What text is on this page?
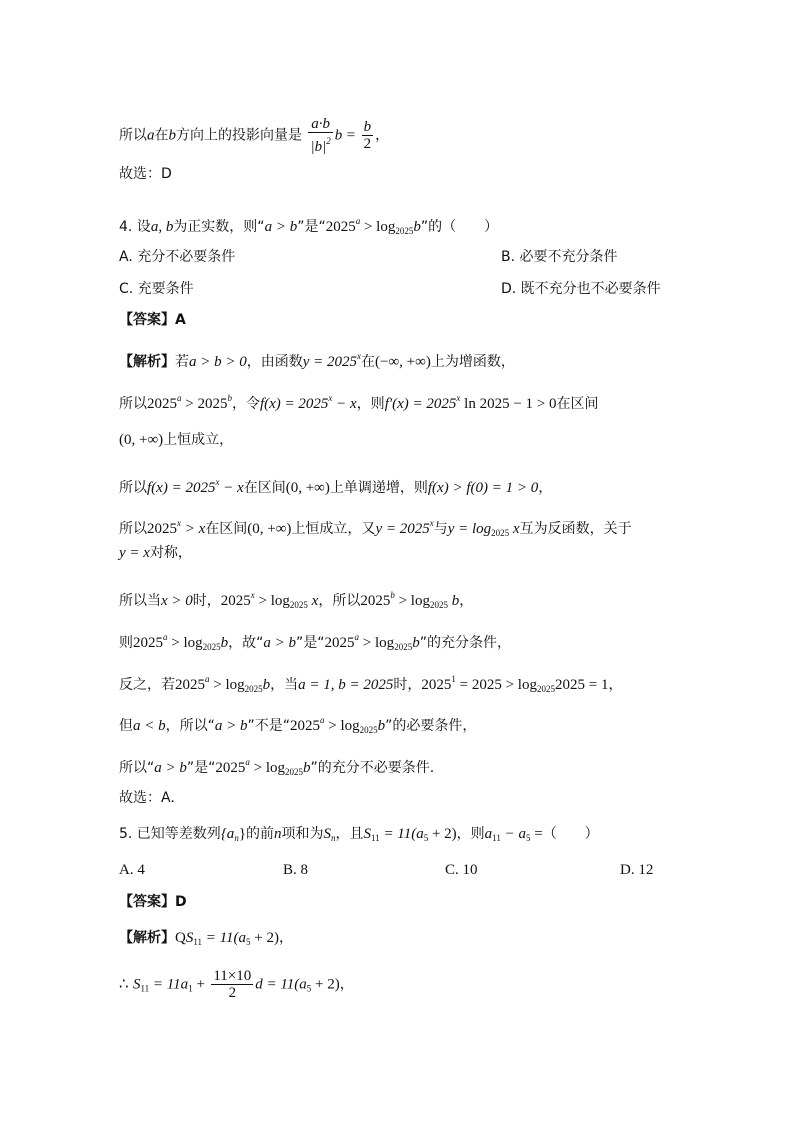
所以a在b方向上的投影向量是 $\frac{a\cdot b}{|b|^2}$ $b = \frac{b}{2}$ ，
故选：D
4. 设a, b为正实数，则“a > b”是“$2025^a > \log_{2025}b$”的（　　）
A. 充分不必要条件	B. 必要不充分条件
C. 充要条件	D. 既不充分也不必要条件
【答案】A
【解析】若a > b > 0，由函数$y = 2025^x$在(−∞, +∞)上为增函数，
所以$2025^a > 2025^b$，令$f(x) = 2025^x - x$，则$f'(x) = 2025^x$ ln 2025 − 1 > 0在区间
(0, +∞)上恒成立，
所以$f(x) = 2025^x - x$在区间(0, +∞)上单调递增，则f(x) > f(0) = 1 > 0，
所以$2025^x > x$在区间(0, +∞)上恒成立，又$y = 2025^x$与$y = \log_{2025} x$互为反函数，关于
y = x对称，
所以当x > 0时，$2025^x > \log_{2025} x$，所以$2025^b > \log_{2025} b$，
则$2025^a > \log_{2025}b$，故“a > b”是“$2025^a > \log_{2025}b$”的充分条件，
反之，若$2025^a > \log_{2025}b$，当a = 1, b = 2025时，$2025^1 = 2025 > \log_{2025}2025 = 1$，
但a < b，所以“a > b”不是“$2025^a > \log_{2025}b$”的必要条件，
所以“a > b”是“$2025^a > \log_{2025}b$”的充分不必要条件.
故选：A.
5. 已知等差数列$\{a_n\}$的前n项和为$S_n$，且$S_{11} = 11(a_5 + 2)$，则$a_{11} - a_5$ =（　　）
A. 4	B. 8	C. 10	D. 12
【答案】D
【解析】$QS_{11} = 11(a_5 + 2)$，
∴ $S_{11} = 11a_1 + \frac{11\times 10}{2}$ $d = 11(a_5 + 2)$，
